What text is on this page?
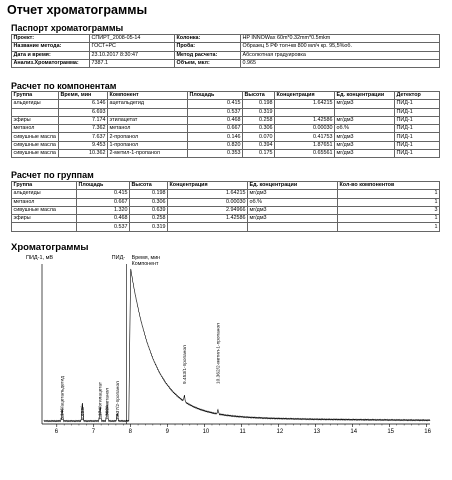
Отчет хроматограммы
Паспорт хроматограммы
Проект:	СПИРТ_2008-05-14	Колонка:	HP INNOWax 60m*0.32mm*0.5mkm
Название метода:	ГОСТ+РС	Проба:	Образец 5 РФ тол+кв 800 мл/ч кр. 95,5%об.
Дата и время:	23.10.2017 8:30:47	Метод расчета:	Абсолютная градуировка
Анализ.Хроматограмма:	7387.1	Объем, мкл:	0.965
Расчет по компонентам
Группа	Время, мин	Компонент	Площадь	Высота	Концентрация	Ед. концентрации	Детектор
альдегиды	6.146	ацетальдегид	0.415	0.198	1.64215	мг/дм3	ПИД-1
	6.693		0.537	0.319			ПИД-1
эфиры	7.174	этилацетат	0.468	0.258	1.42586	мг/дм3	ПИД-1
метанол	7.362	метанол	0.667	0.306	0.00030	об.%	ПИД-1
сивушные масла	7.637	2-пропанол	0.146	0.070	0.41753	мг/дм3	ПИД-1
сивушные масла	9.453	1-пропанол	0.820	0.394	1.87651	мг/дм3	ПИД-1
сивушные масла	10.362	2-метил-1-пропанол	0.353	0.175	0.65561	мг/дм3	ПИД-1
Расчет по группам
Группа	Площадь	Высота	Концентрация	Ед. концентрации	Кол-во компонентов
альдегиды	0.415	0.198	1.64215	мг/дм3	1
метанол	0.667	0.306	0.00030	об.%	1
сивушные масла	1.320	0.639	2.94966	мг/дм3	3
эфиры	0.468	0.258	1.42586	мг/дм3	1
	0.537	0.319			1
Хроматограммы
ПИД-1, мВ	ПИД- Время, мин
Компонент
6	7	8	9	10	11	12	13	14	15	16
6.146/ацетальдегид	6.693/	7.174/этилацетат 7.362/метанол 7.637/2-пропанол
9.453/1-пропанол	10.362/2-метил-1-пропанол
